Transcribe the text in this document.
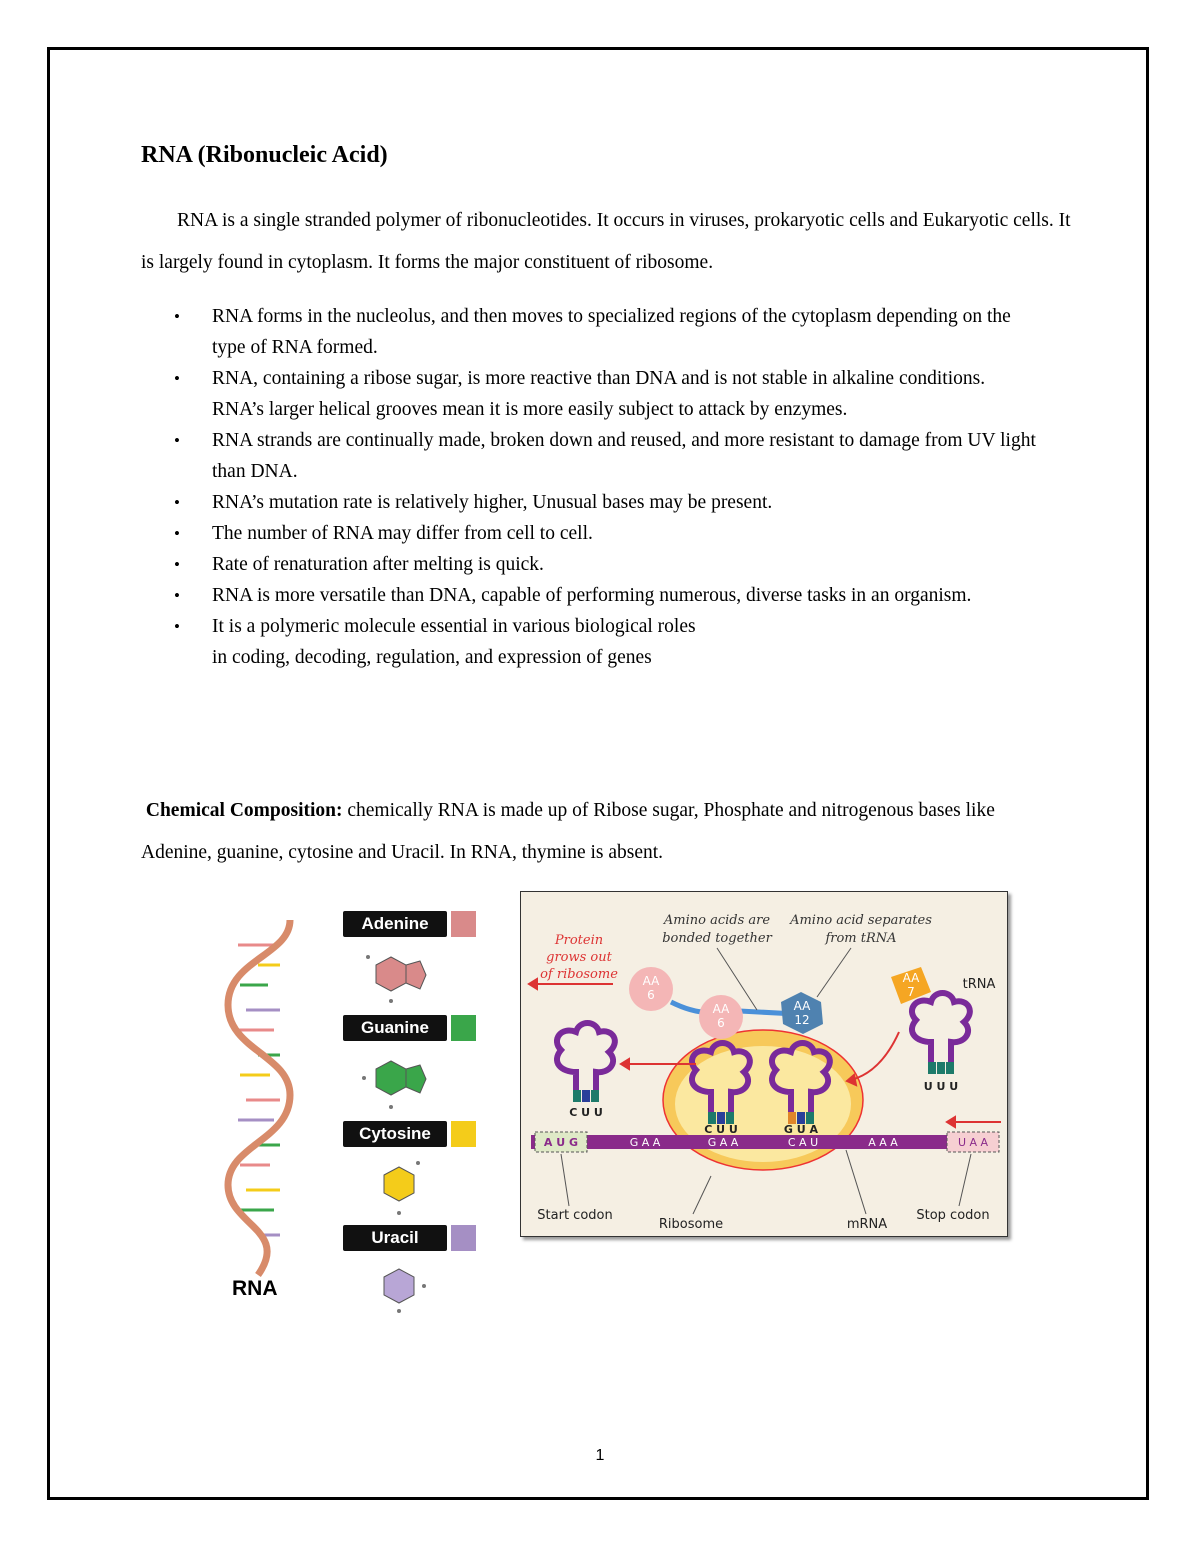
RNA (Ribonucleic Acid)
RNA is a single stranded polymer of ribonucleotides. It occurs in viruses, prokaryotic cells and Eukaryotic cells. It is largely found in cytoplasm. It forms the major constituent of ribosome.
• RNA forms in the nucleolus, and then moves to specialized regions of the cytoplasm depending on the type of RNA formed.
• RNA, containing a ribose sugar, is more reactive than DNA and is not stable in alkaline conditions. RNA’s larger helical grooves mean it is more easily subject to attack by enzymes.
• RNA strands are continually made, broken down and reused, and more resistant to damage from UV light than DNA.
• RNA’s mutation rate is relatively higher, Unusual bases may be present.
• The number of RNA may differ from cell to cell.
• Rate of renaturation after melting is quick.
• RNA is more versatile than DNA, capable of performing numerous, diverse tasks in an organism.
• It is a polymeric molecule essential in various biological roles
in coding, decoding, regulation, and expression of genes
Chemical Composition: chemically RNA is made up of Ribose sugar, Phosphate and nitrogenous bases like Adenine, guanine, cytosine and Uracil. In RNA, thymine is absent.
Adenine
Guanine
Cytosine
Uracil
RNA
A U G	G A A	G A A	C A U	A A A	U A A
C U U
C U U	G U A
U U U
AA
6
AA
6
AA
12
AA
7
Protein
grows out
of ribosome
Amino acids are
bonded together
Amino acid separates
from tRNA
tRNA
Start codon
Ribosome	mRNA
Stop codon
1
